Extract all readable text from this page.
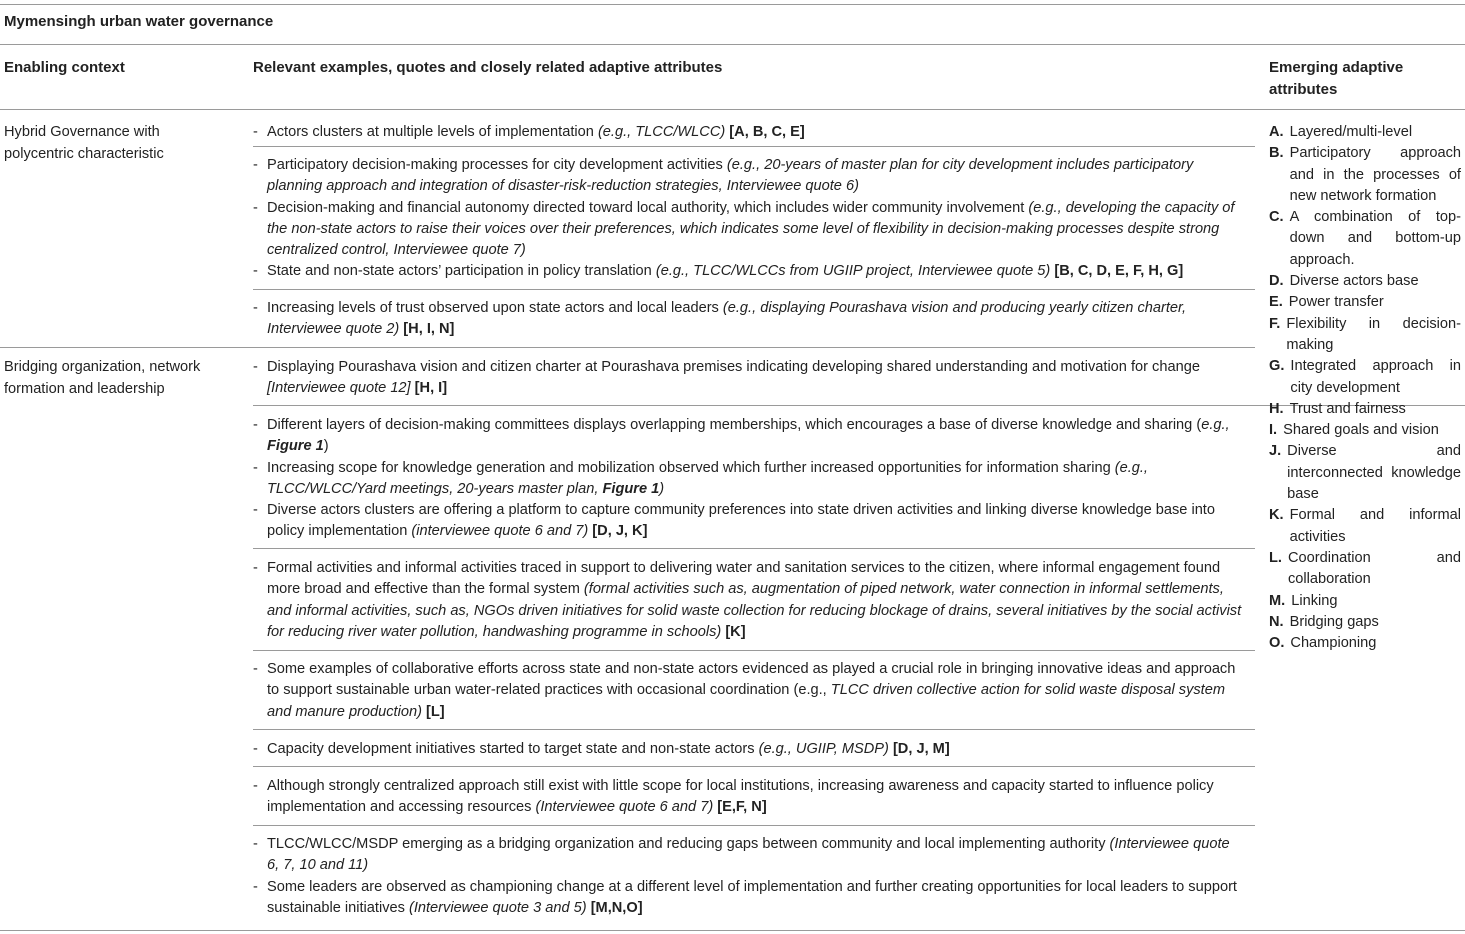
Mymensingh urban water governance
Enabling context	Relevant examples, quotes and closely related adaptive attributes	Emerging adaptive attributes
Hybrid Governance with polycentric characteristic
Bridging organization, network formation and leadership
- Actors clusters at multiple levels of implementation (e.g., TLCC/WLCC) [A, B, C, E]
- Participatory decision-making processes for city development activities (e.g., 20-years of master plan for city development includes participatory planning approach and integration of disaster-risk-reduction strategies, Interviewee quote 6)
- Decision-making and financial autonomy directed toward local authority, which includes wider community involvement (e.g., developing the capacity of the non-state actors to raise their voices over their preferences, which indicates some level of flexibility in decision-making processes despite strong centralized control, Interviewee quote 7)
- State and non-state actors’ participation in policy translation (e.g., TLCC/WLCCs from UGIIP project, Interviewee quote 5) [B, C, D, E, F, H, G]
- Increasing levels of trust observed upon state actors and local leaders (e.g., displaying Pourashava vision and producing yearly citizen charter, Interviewee quote 2) [H, I, N]
- Displaying Pourashava vision and citizen charter at Pourashava premises indicating developing shared understanding and motivation for change [Interviewee quote 12] [H, I]
- Different layers of decision-making committees displays overlapping memberships, which encourages a base of diverse knowledge and sharing (e.g., Figure 1)
- Increasing scope for knowledge generation and mobilization observed which further increased opportunities for information sharing (e.g., TLCC/WLCC/Yard meetings, 20-years master plan, Figure 1)
- Diverse actors clusters are offering a platform to capture community preferences into state driven activities and linking diverse knowledge base into policy implementation (interviewee quote 6 and 7) [D, J, K]
- Formal activities and informal activities traced in support to delivering water and sanitation services to the citizen, where informal engagement found more broad and effective than the formal system (formal activities such as, augmentation of piped network, water connection in informal settlements, and informal activities, such as, NGOs driven initiatives for solid waste collection for reducing blockage of drains, several initiatives by the social activist for reducing river water pollution, handwashing programme in schools) [K]
- Some examples of collaborative efforts across state and non-state actors evidenced as played a crucial role in bringing innovative ideas and approach to support sustainable urban water-related practices with occasional coordination (e.g., TLCC driven collective action for solid waste disposal system and manure production) [L]
- Capacity development initiatives started to target state and non-state actors (e.g., UGIIP, MSDP) [D, J, M]
- Although strongly centralized approach still exist with little scope for local institutions, increasing awareness and capacity started to influence policy implementation and accessing resources (Interviewee quote 6 and 7) [E,F, N]
- TLCC/WLCC/MSDP emerging as a bridging organization and reducing gaps between community and local implementing authority (Interviewee quote 6, 7, 10 and 11)
- Some leaders are observed as championing change at a different level of implementation and further creating opportunities for local leaders to support sustainable initiatives (Interviewee quote 3 and 5) [M,N,O]
A. Layered/multi-level
B. Participatory approach and in the processes of new network formation
C. A combination of top-down and bottom-up approach.
D. Diverse actors base
E. Power transfer
F. Flexibility in decision-making
G. Integrated approach in city development
H. Trust and fairness
I. Shared goals and vision
J. Diverse and interconnected knowledge base
K. Formal and informal activities
L. Coordination and collaboration
M. Linking
N. Bridging gaps
O. Championing
